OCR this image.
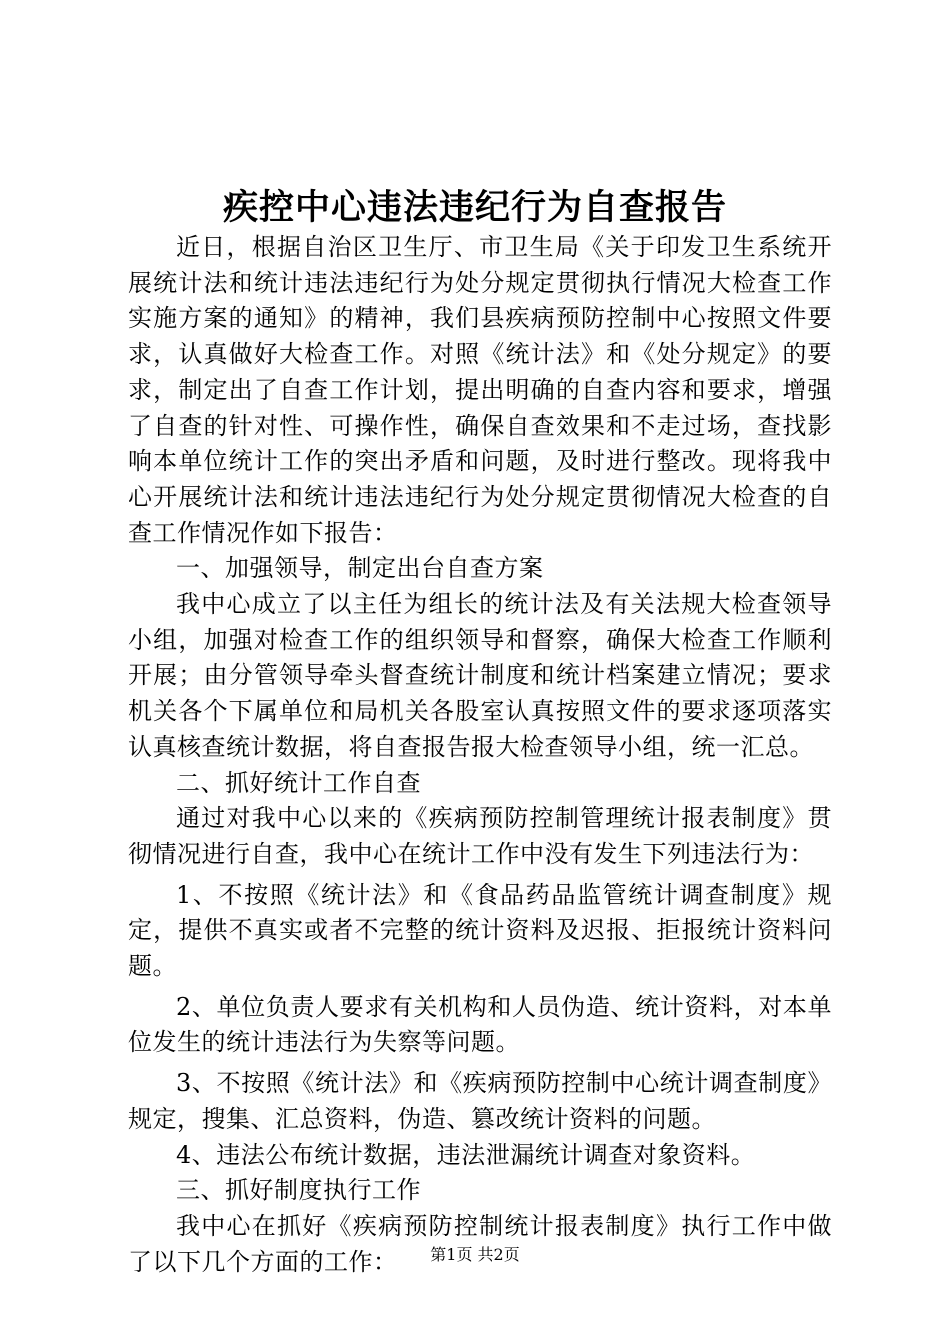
疾控中心违法违纪行为自查报告

近日，根据自治区卫生厅、市卫生局《关于印发卫生系统开展统计法和统计违法违纪行为处分规定贯彻执行情况大检查工作实施方案的通知》的精神，我们县疾病预防控制中心按照文件要求，认真做好大检查工作。对照《统计法》和《处分规定》的要求，制定出了自查工作计划，提出明确的自查内容和要求，增强了自查的针对性、可操作性，确保自查效果和不走过场，查找影响本单位统计工作的突出矛盾和问题，及时进行整改。现将我中心开展统计法和统计违法违纪行为处分规定贯彻情况大检查的自查工作情况作如下报告：

一、加强领导，制定出台自查方案

我中心成立了以主任为组长的统计法及有关法规大检查领导小组，加强对检查工作的组织领导和督察，确保大检查工作顺利开展；由分管领导牵头督查统计制度和统计档案建立情况；要求机关各个下属单位和局机关各股室认真按照文件的要求逐项落实认真核查统计数据，将自查报告报大检查领导小组，统一汇总。

二、抓好统计工作自查

通过对我中心以来的《疾病预防控制管理统计报表制度》贯彻情况进行自查，我中心在统计工作中没有发生下列违法行为：

1、不按照《统计法》和《食品药品监管统计调查制度》规定，提供不真实或者不完整的统计资料及迟报、拒报统计资料问题。

2、单位负责人要求有关机构和人员伪造、统计资料，对本单位发生的统计违法行为失察等问题。

3、不按照《统计法》和《疾病预防控制中心统计调查制度》规定，搜集、汇总资料，伪造、篡改统计资料的问题。

4、违法公布统计数据，违法泄漏统计调查对象资料。

三、抓好制度执行工作

我中心在抓好《疾病预防控制统计报表制度》执行工作中做了以下几个方面的工作：	第1页 共2页
